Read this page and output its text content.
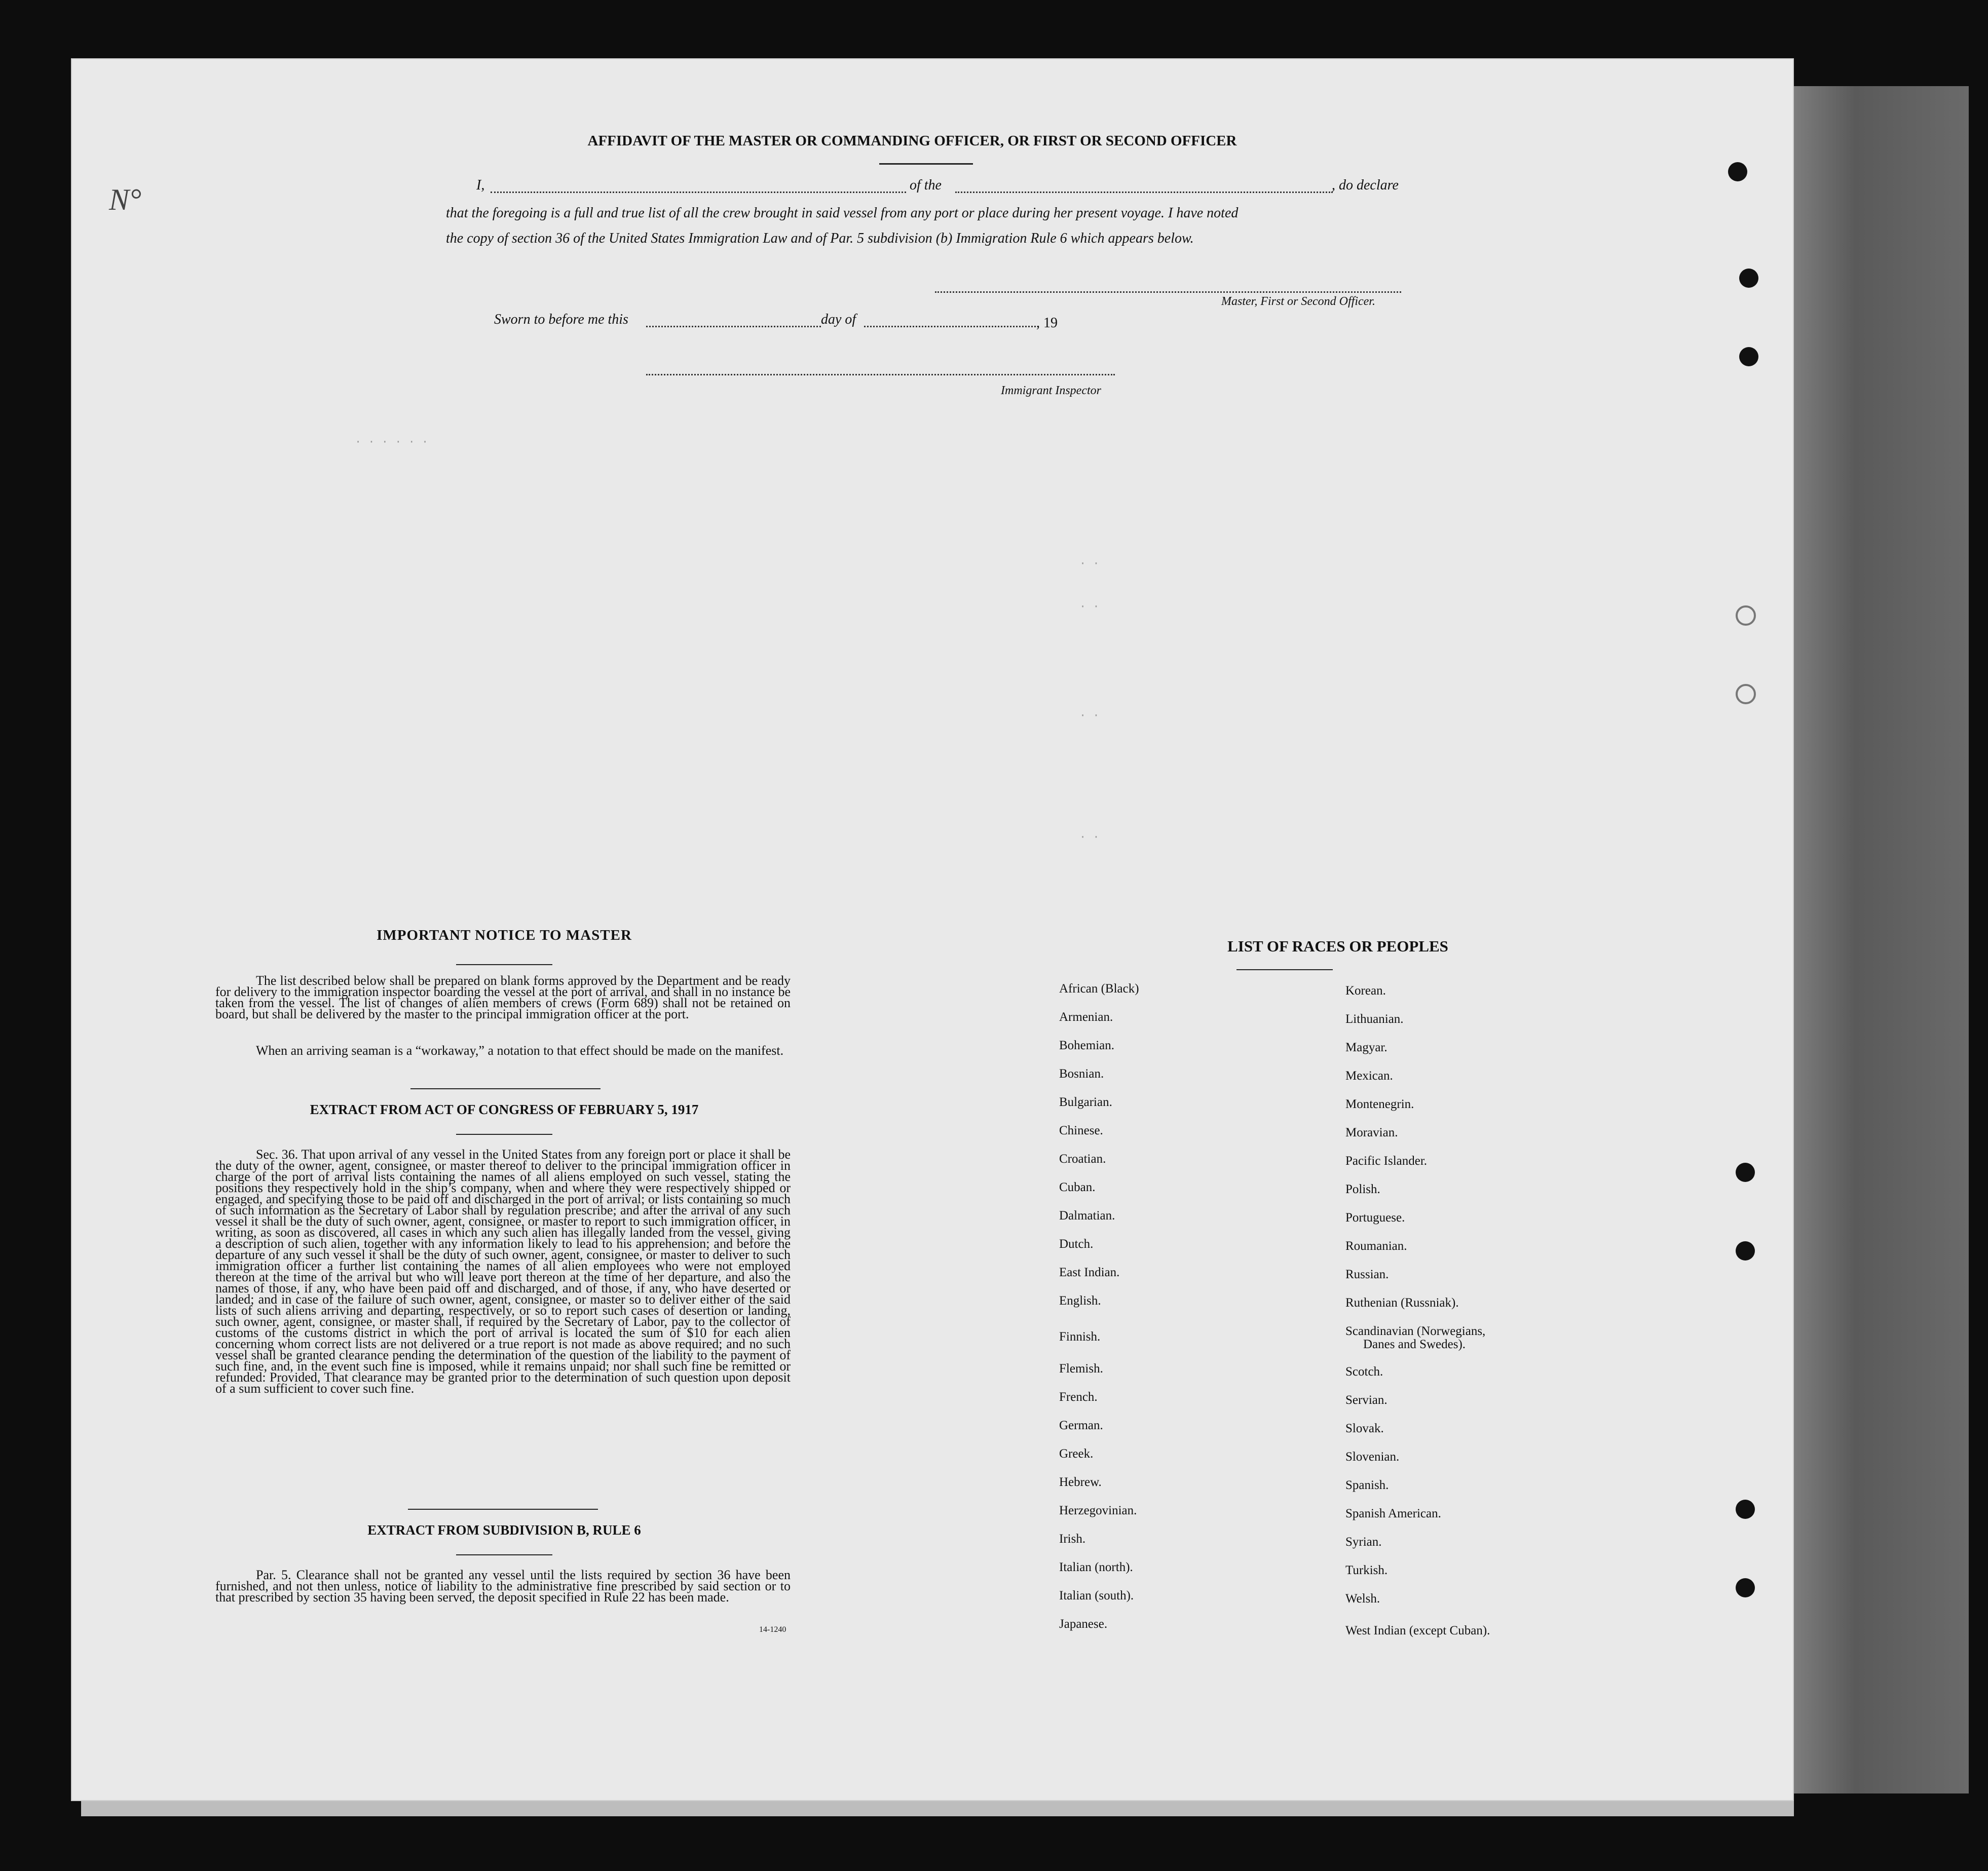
N°
· · · · · ·
· ·
· ·
· ·
· ·
AFFIDAVIT OF THE MASTER OR COMMANDING OFFICER, OR FIRST OR SECOND OFFICER
I,	of the	, do declare
that the foregoing is a full and true list of all the crew brought in said vessel from any port or place during her present voyage. I have noted
the copy of section 36 of the United States Immigration Law and of Par. 5 subdivision (b) Immigration Rule 6 which appears below.
Master, First or Second Officer.
Sworn to before me this	day of	, 19
Immigrant Inspector
IMPORTANT NOTICE TO MASTER
The list described below shall be prepared on blank forms approved by the Department and be ready for delivery to the immigration inspector boarding the vessel at the port of arrival, and shall in no instance be taken from the vessel. The list of changes of alien members of crews (Form 689) shall not be retained on board, but shall be delivered by the master to the principal immigration officer at the port.
When an arriving seaman is a “workaway,” a notation to that effect should be made on the manifest.
EXTRACT FROM ACT OF CONGRESS OF FEBRUARY 5, 1917
Sec. 36. That upon arrival of any vessel in the United States from any foreign port or place it shall be the duty of the owner, agent, consignee, or master thereof to deliver to the principal immigration officer in charge of the port of arrival lists containing the names of all aliens employed on such vessel, stating the positions they respectively hold in the ship’s company, when and where they were respectively shipped or engaged, and specifying those to be paid off and discharged in the port of arrival; or lists containing so much of such information as the Secretary of Labor shall by regulation prescribe; and after the arrival of any such vessel it shall be the duty of such owner, agent, consignee, or master to report to such immigration officer, in writing, as soon as discovered, all cases in which any such alien has illegally landed from the vessel, giving a description of such alien, together with any information likely to lead to his apprehension; and before the departure of any such vessel it shall be the duty of such owner, agent, consignee, or master to deliver to such immigration officer a further list containing the names of all alien employees who were not employed thereon at the time of the arrival but who will leave port thereon at the time of her departure, and also the names of those, if any, who have been paid off and discharged, and of those, if any, who have deserted or landed; and in case of the failure of such owner, agent, consignee, or master so to deliver either of the said lists of such aliens arriving and departing, respectively, or so to report such cases of desertion or landing, such owner, agent, consignee, or master shall, if required by the Secretary of Labor, pay to the collector of customs of the customs district in which the port of arrival is located the sum of $10 for each alien concerning whom correct lists are not delivered or a true report is not made as above required; and no such vessel shall be granted clearance pending the determination of the question of the liability to the payment of such fine, and, in the event such fine is imposed, while it remains unpaid; nor shall such fine be remitted or refunded: Provided, That clearance may be granted prior to the determination of such question upon deposit of a sum sufficient to cover such fine.
EXTRACT FROM SUBDIVISION B, RULE 6
Par. 5. Clearance shall not be granted any vessel until the lists required by section 36 have been furnished, and not then unless, notice of liability to the administrative fine prescribed by said section or to that prescribed by section 35 having been served, the deposit specified in Rule 22 has been made.
14-1240
LIST OF RACES OR PEOPLES
African (Black)
Armenian.
Bohemian.
Bosnian.
Bulgarian.
Chinese.
Croatian.
Cuban.
Dalmatian.
Dutch.
East Indian.
English.
Finnish.
Flemish.
French.
German.
Greek.
Hebrew.
Herzegovinian.
Irish.
Italian (north).
Italian (south).
Japanese.
Korean.
Lithuanian.
Magyar.
Mexican.
Montenegrin.
Moravian.
Pacific Islander.
Polish.
Portuguese.
Roumanian.
Russian.
Ruthenian (Russniak).
Scandinavian (Norwegians,
Danes and Swedes).
Scotch.
Servian.
Slovak.
Slovenian.
Spanish.
Spanish American.
Syrian.
Turkish.
Welsh.
West Indian (except Cuban).
